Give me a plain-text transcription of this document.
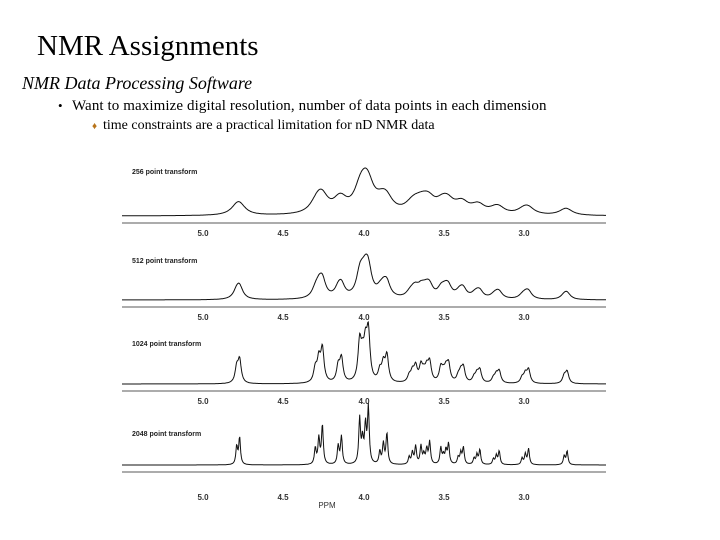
NMR Assignments
NMR Data Processing Software
• Want to maximize digital resolution, number of data points in each dimension
♦ time constraints are a practical limitation for nD NMR data
256 point transform
5.0	4.5	4.0	3.5	3.0
512 point transform
5.0	4.5	4.0	3.5	3.0
1024 point transform
5.0	4.5	4.0	3.5	3.0
2048 point transform
5.0	4.5	4.0	3.5	3.0
PPM
